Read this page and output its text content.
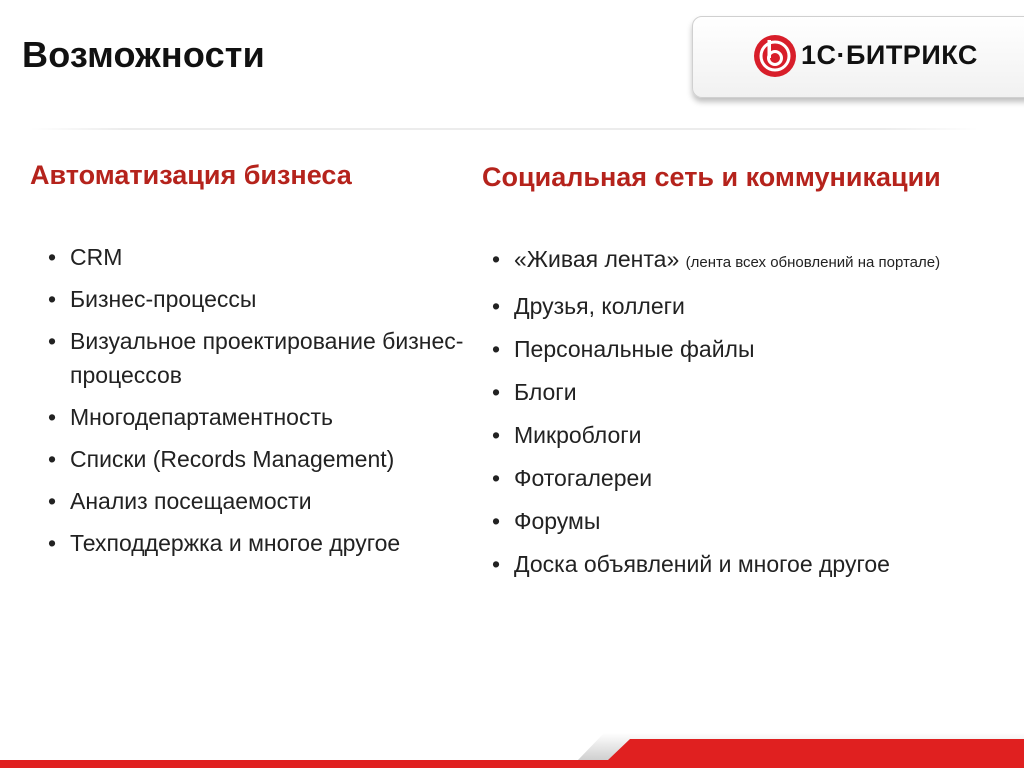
Возможности	1С·БИТРИКС
Автоматизация бизнеса
• CRM
• Бизнес-процессы
• Визуальное проектирование бизнес-процессов
• Многодепартаментность
• Списки (Records Management)
• Анализ посещаемости
• Техподдержка и многое другое
Социальная сеть и коммуникации
• «Живая лента» (лента всех обновлений на портале)
• Друзья, коллеги
• Персональные файлы
• Блоги
• Микроблоги
• Фотогалереи
• Форумы
• Доска объявлений и многое другое
